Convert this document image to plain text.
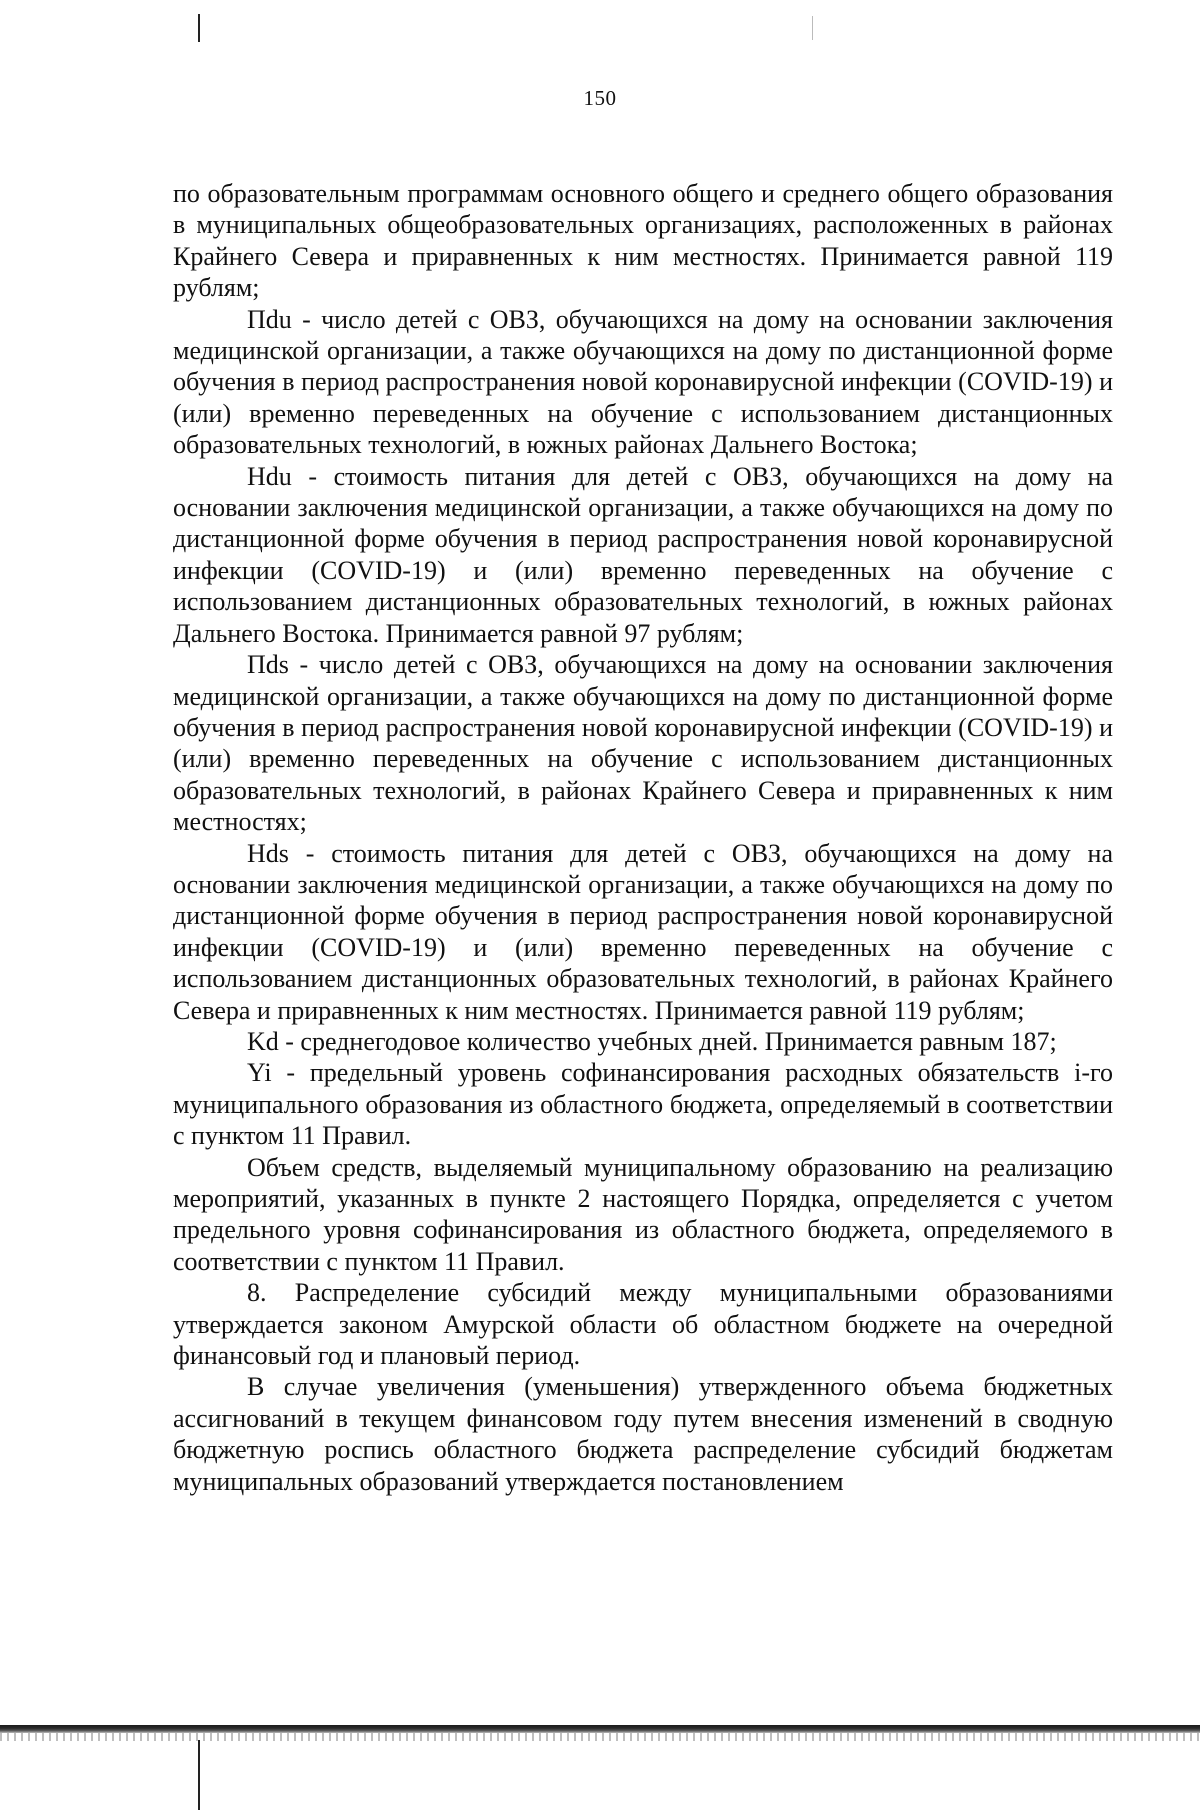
150

по образовательным программам основного общего и среднего общего образования в муниципальных общеобразовательных организациях, расположенных в районах Крайнего Севера и приравненных к ним местностях. Принимается равной 119 рублям;

Пdu - число детей с ОВЗ, обучающихся на дому на основании заключения медицинской организации, а также обучающихся на дому по дистанционной форме обучения в период распространения новой коронавирусной инфекции (COVID-19) и (или) временно переведенных на обучение с использованием дистанционных образовательных технологий, в южных районах Дальнего Востока;

Hdu - стоимость питания для детей с ОВЗ, обучающихся на дому на основании заключения медицинской организации, а также обучающихся на дому по дистанционной форме обучения в период распространения новой коронавирусной инфекции (COVID-19) и (или) временно переведенных на обучение с использованием дистанционных образовательных технологий, в южных районах Дальнего Востока. Принимается равной 97 рублям;

Пds - число детей с ОВЗ, обучающихся на дому на основании заключения медицинской организации, а также обучающихся на дому по дистанционной форме обучения в период распространения новой коронавирусной инфекции (COVID-19) и (или) временно переведенных на обучение с использованием дистанционных образовательных технологий, в районах Крайнего Севера и приравненных к ним местностях;

Hds - стоимость питания для детей с ОВЗ, обучающихся на дому на основании заключения медицинской организации, а также обучающихся на дому по дистанционной форме обучения в период распространения новой коронавирусной инфекции (COVID-19) и (или) временно переведенных на обучение с использованием дистанционных образовательных технологий, в районах Крайнего Севера и приравненных к ним местностях. Принимается равной 119 рублям;

Kd - среднегодовое количество учебных дней. Принимается равным 187;

Yi - предельный уровень софинансирования расходных обязательств i-го муниципального образования из областного бюджета, определяемый в соответствии с пунктом 11 Правил.

Объем средств, выделяемый муниципальному образованию на реализацию мероприятий, указанных в пункте 2 настоящего Порядка, определяется с учетом предельного уровня софинансирования из областного бюджета, определяемого в соответствии с пунктом 11 Правил.

8. Распределение субсидий между муниципальными образованиями утверждается законом Амурской области об областном бюджете на очередной финансовый год и плановый период.

В случае увеличения (уменьшения) утвержденного объема бюджетных ассигнований в текущем финансовом году путем внесения изменений в сводную бюджетную роспись областного бюджета распределение субсидий бюджетам муниципальных образований утверждается постановлением
